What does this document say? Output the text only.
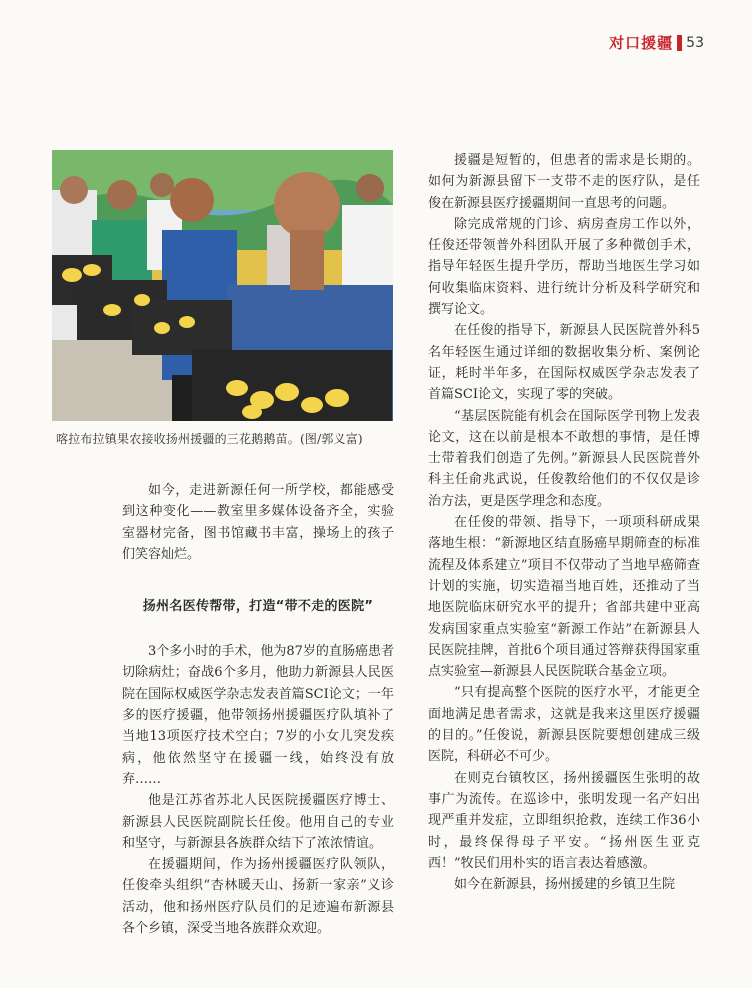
对口援疆 53
喀拉布拉镇果农接收扬州援疆的三花鹅鹅苗。(图/郭义富)

如今，走进新源任何一所学校，都能感受到这种变化——教室里多媒体设备齐全，实验室器材完备，图书馆藏书丰富，操场上的孩子们笑容灿烂。

扬州名医传帮带，打造“带不走的医院”

3个多小时的手术，他为87岁的直肠癌患者切除病灶；奋战6个多月，他助力新源县人民医院在国际权威医学杂志发表首篇SCI论文；一年多的医疗援疆，他带领扬州援疆医疗队填补了当地13项医疗技术空白；7岁的小女儿突发疾病，他依然坚守在援疆一线，始终没有放弃……

他是江苏省苏北人民医院援疆医疗博士、新源县人民医院副院长任俊。他用自己的专业和坚守，与新源县各族群众结下了浓浓情谊。

在援疆期间，作为扬州援疆医疗队领队，任俊牵头组织“杏林暖天山、扬新一家亲”义诊活动，他和扬州医疗队员们的足迹遍布新源县各个乡镇，深受当地各族群众欢迎。

援疆是短暂的，但患者的需求是长期的。如何为新源县留下一支带不走的医疗队，是任俊在新源县医疗援疆期间一直思考的问题。

除完成常规的门诊、病房查房工作以外，任俊还带领普外科团队开展了多种微创手术，指导年轻医生提升学历，帮助当地医生学习如何收集临床资料、进行统计分析及科学研究和撰写论文。

在任俊的指导下，新源县人民医院普外科5名年轻医生通过详细的数据收集分析、案例论证，耗时半年多，在国际权威医学杂志发表了首篇SCI论文，实现了零的突破。

“基层医院能有机会在国际医学刊物上发表论文，这在以前是根本不敢想的事情，是任博士带着我们创造了先例。”新源县人民医院普外科主任俞兆武说，任俊教给他们的不仅仅是诊治方法，更是医学理念和态度。

在任俊的带领、指导下，一项项科研成果落地生根：“新源地区结直肠癌早期筛查的标准流程及体系建立”项目不仅带动了当地早癌筛查计划的实施，切实造福当地百姓，还推动了当地医院临床研究水平的提升；省部共建中亚高发病国家重点实验室“新源工作站”在新源县人民医院挂牌，首批6个项目通过答辩获得国家重点实验室—新源县人民医院联合基金立项。

“只有提高整个医院的医疗水平，才能更全面地满足患者需求，这就是我来这里医疗援疆的目的。”任俊说，新源县医院要想创建成三级医院，科研必不可少。

在则克台镇牧区，扬州援疆医生张明的故事广为流传。在巡诊中，张明发现一名产妇出现严重并发症，立即组织抢救，连续工作36小时，最终保得母子平安。“扬州医生亚克西！”牧民们用朴实的语言表达着感激。

如今在新源县，扬州援建的乡镇卫生院
